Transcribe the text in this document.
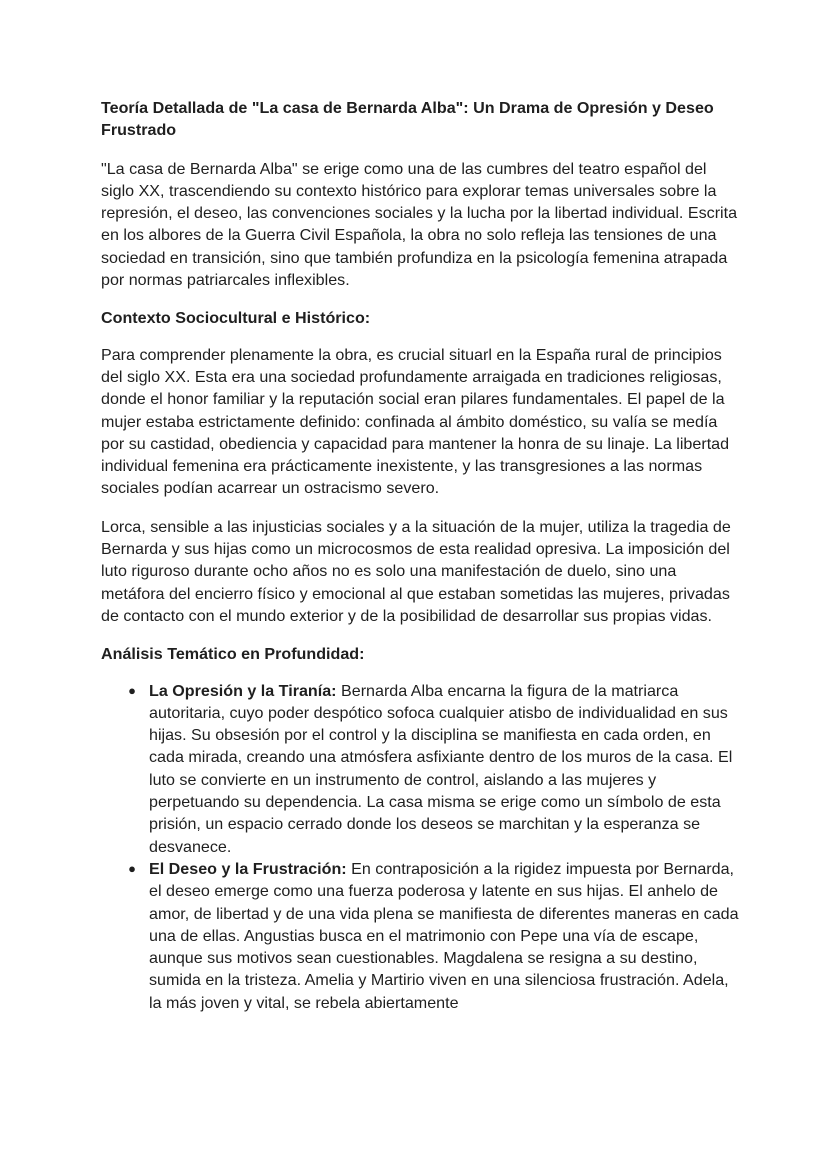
Teoría Detallada de "La casa de Bernarda Alba": Un Drama de Opresión y Deseo Frustrado

"La casa de Bernarda Alba" se erige como una de las cumbres del teatro español del siglo XX, trascendiendo su contexto histórico para explorar temas universales sobre la represión, el deseo, las convenciones sociales y la lucha por la libertad individual. Escrita en los albores de la Guerra Civil Española, la obra no solo refleja las tensiones de una sociedad en transición, sino que también profundiza en la psicología femenina atrapada por normas patriarcales inflexibles.

Contexto Sociocultural e Histórico:

Para comprender plenamente la obra, es crucial situarl en la España rural de principios del siglo XX. Esta era una sociedad profundamente arraigada en tradiciones religiosas, donde el honor familiar y la reputación social eran pilares fundamentales. El papel de la mujer estaba estrictamente definido: confinada al ámbito doméstico, su valía se medía por su castidad, obediencia y capacidad para mantener la honra de su linaje. La libertad individual femenina era prácticamente inexistente, y las transgresiones a las normas sociales podían acarrear un ostracismo severo.

Lorca, sensible a las injusticias sociales y a la situación de la mujer, utiliza la tragedia de Bernarda y sus hijas como un microcosmos de esta realidad opresiva. La imposición del luto riguroso durante ocho años no es solo una manifestación de duelo, sino una metáfora del encierro físico y emocional al que estaban sometidas las mujeres, privadas de contacto con el mundo exterior y de la posibilidad de desarrollar sus propias vidas.

Análisis Temático en Profundidad:
● La Opresión y la Tiranía: Bernarda Alba encarna la figura de la matriarca autoritaria, cuyo poder despótico sofoca cualquier atisbo de individualidad en sus hijas. Su obsesión por el control y la disciplina se manifiesta en cada orden, en cada mirada, creando una atmósfera asfixiante dentro de los muros de la casa. El luto se convierte en un instrumento de control, aislando a las mujeres y perpetuando su dependencia. La casa misma se erige como un símbolo de esta prisión, un espacio cerrado donde los deseos se marchitan y la esperanza se desvanece.
● El Deseo y la Frustración: En contraposición a la rigidez impuesta por Bernarda, el deseo emerge como una fuerza poderosa y latente en sus hijas. El anhelo de amor, de libertad y de una vida plena se manifiesta de diferentes maneras en cada una de ellas. Angustias busca en el matrimonio con Pepe una vía de escape, aunque sus motivos sean cuestionables. Magdalena se resigna a su destino, sumida en la tristeza. Amelia y Martirio viven en una silenciosa frustración. Adela, la más joven y vital, se rebela abiertamente
